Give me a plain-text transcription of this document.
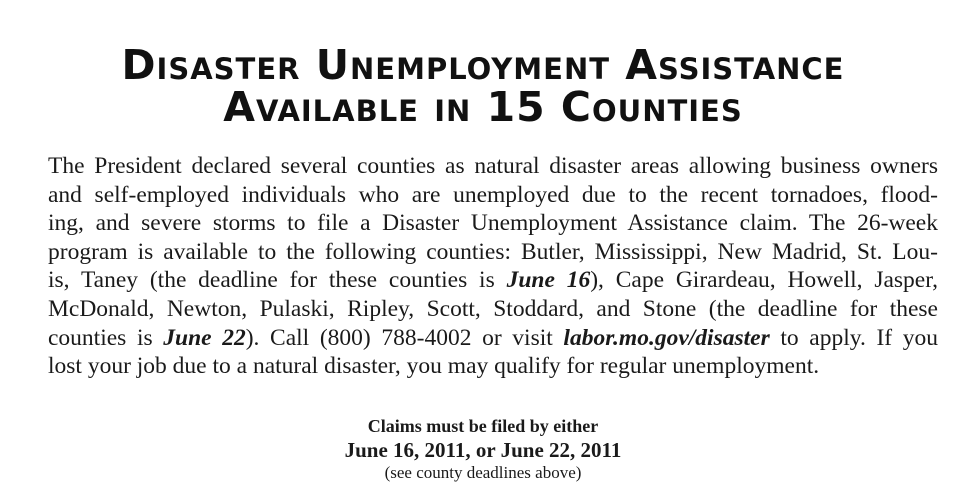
Disaster Unemployment Assistance
Available in 15 Counties
The President declared several counties as natural disaster areas allowing business owners
and self-employed individuals who are unemployed due to the recent tornadoes, flood-
ing, and severe storms to file a Disaster Unemployment Assistance claim. The 26-week
program is available to the following counties: Butler, Mississippi, New Madrid, St. Lou-
is, Taney (the deadline for these counties is June 16), Cape Girardeau, Howell, Jasper,
McDonald, Newton, Pulaski, Ripley, Scott, Stoddard, and Stone (the deadline for these
counties is June 22). Call (800) 788-4002 or visit labor.mo.gov/disaster to apply. If you
lost your job due to a natural disaster, you may qualify for regular unemployment.
Claims must be filed by either
June 16, 2011, or June 22, 2011
(see county deadlines above)
